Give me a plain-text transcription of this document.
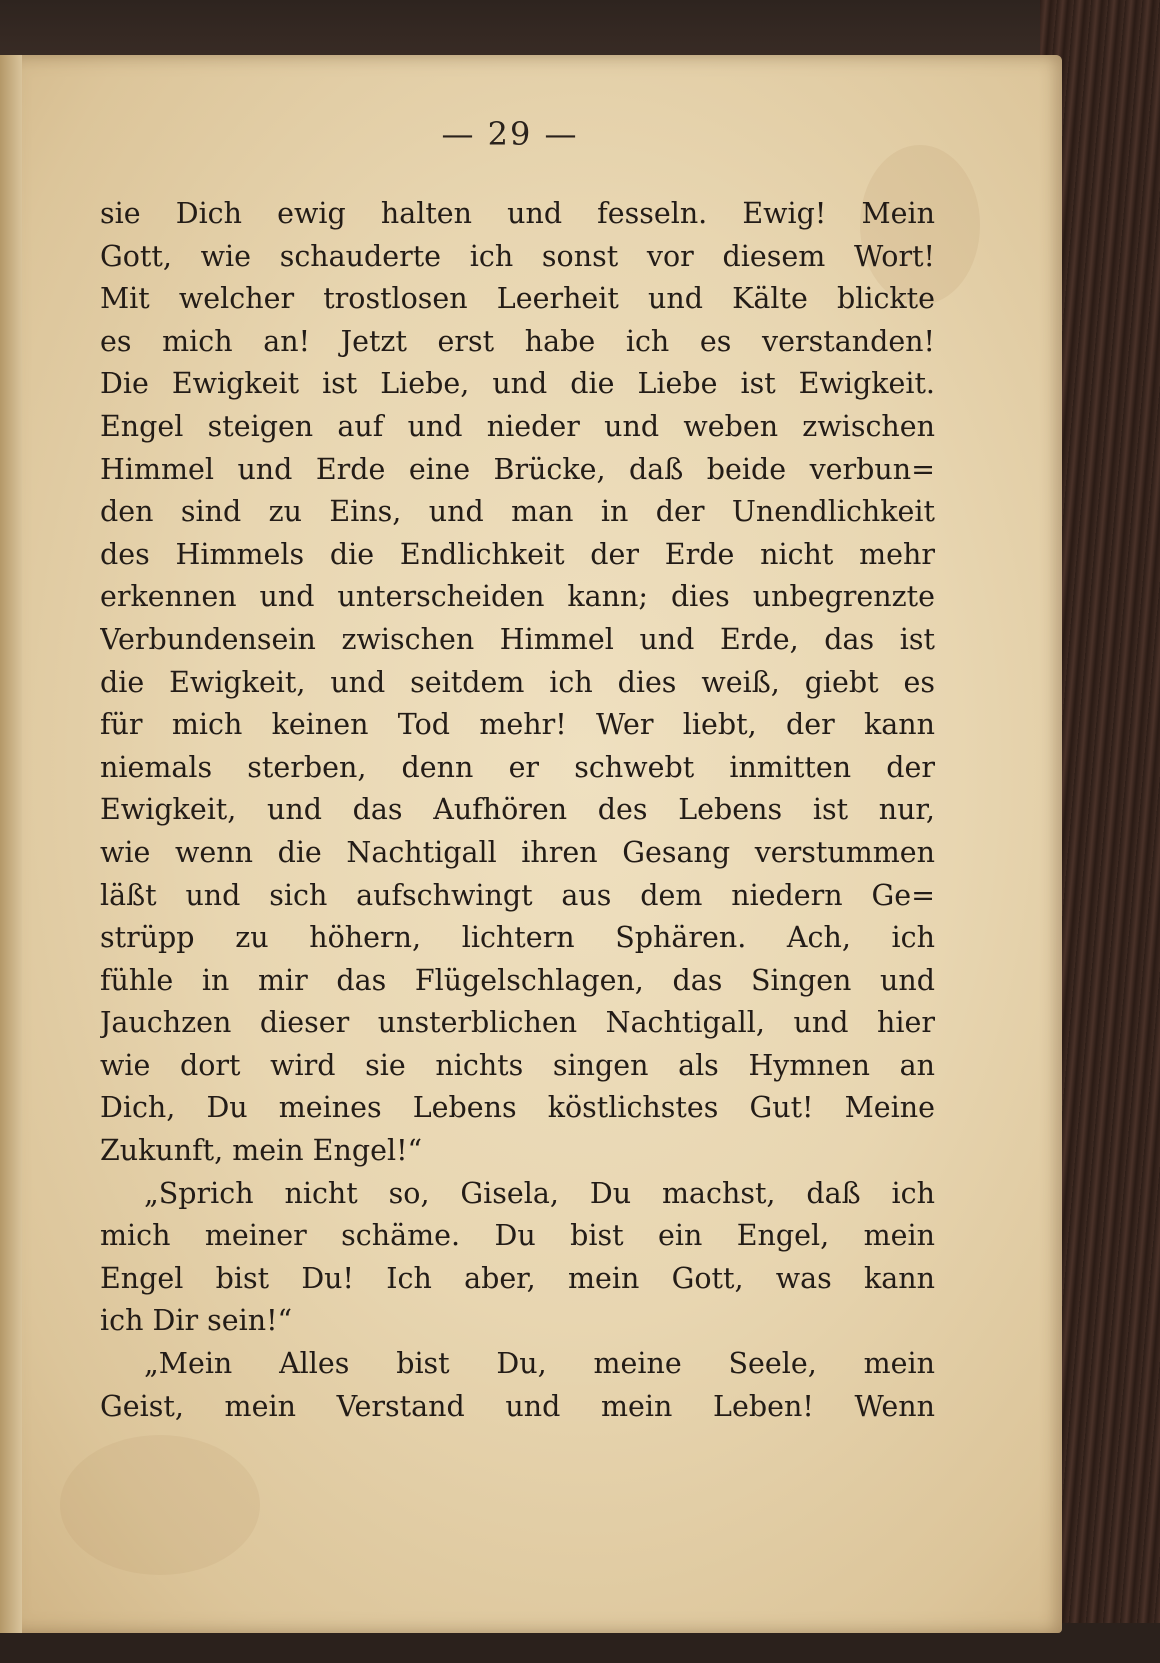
— 29 —
sie Dich ewig halten und fesseln. Ewig! Mein
Gott, wie schauderte ich sonst vor diesem Wort!
Mit welcher trostlosen Leerheit und Kälte blickte
es mich an! Jetzt erst habe ich es verstanden!
Die Ewigkeit ist Liebe, und die Liebe ist Ewigkeit.
Engel steigen auf und nieder und weben zwischen
Himmel und Erde eine Brücke, daß beide verbun=
den sind zu Eins, und man in der Unendlichkeit
des Himmels die Endlichkeit der Erde nicht mehr
erkennen und unterscheiden kann; dies unbegrenzte
Verbundensein zwischen Himmel und Erde, das ist
die Ewigkeit, und seitdem ich dies weiß, giebt es
für mich keinen Tod mehr! Wer liebt, der kann
niemals sterben, denn er schwebt inmitten der
Ewigkeit, und das Aufhören des Lebens ist nur,
wie wenn die Nachtigall ihren Gesang verstummen
läßt und sich aufschwingt aus dem niedern Ge=
strüpp zu höhern, lichtern Sphären. Ach, ich
fühle in mir das Flügelschlagen, das Singen und
Jauchzen dieser unsterblichen Nachtigall, und hier
wie dort wird sie nichts singen als Hymnen an
Dich, Du meines Lebens köstlichstes Gut! Meine
Zukunft, mein Engel!“
„Sprich nicht so, Gisela, Du machst, daß ich
mich meiner schäme. Du bist ein Engel, mein
Engel bist Du! Ich aber, mein Gott, was kann
ich Dir sein!“
„Mein Alles bist Du, meine Seele, mein
Geist, mein Verstand und mein Leben! Wenn
